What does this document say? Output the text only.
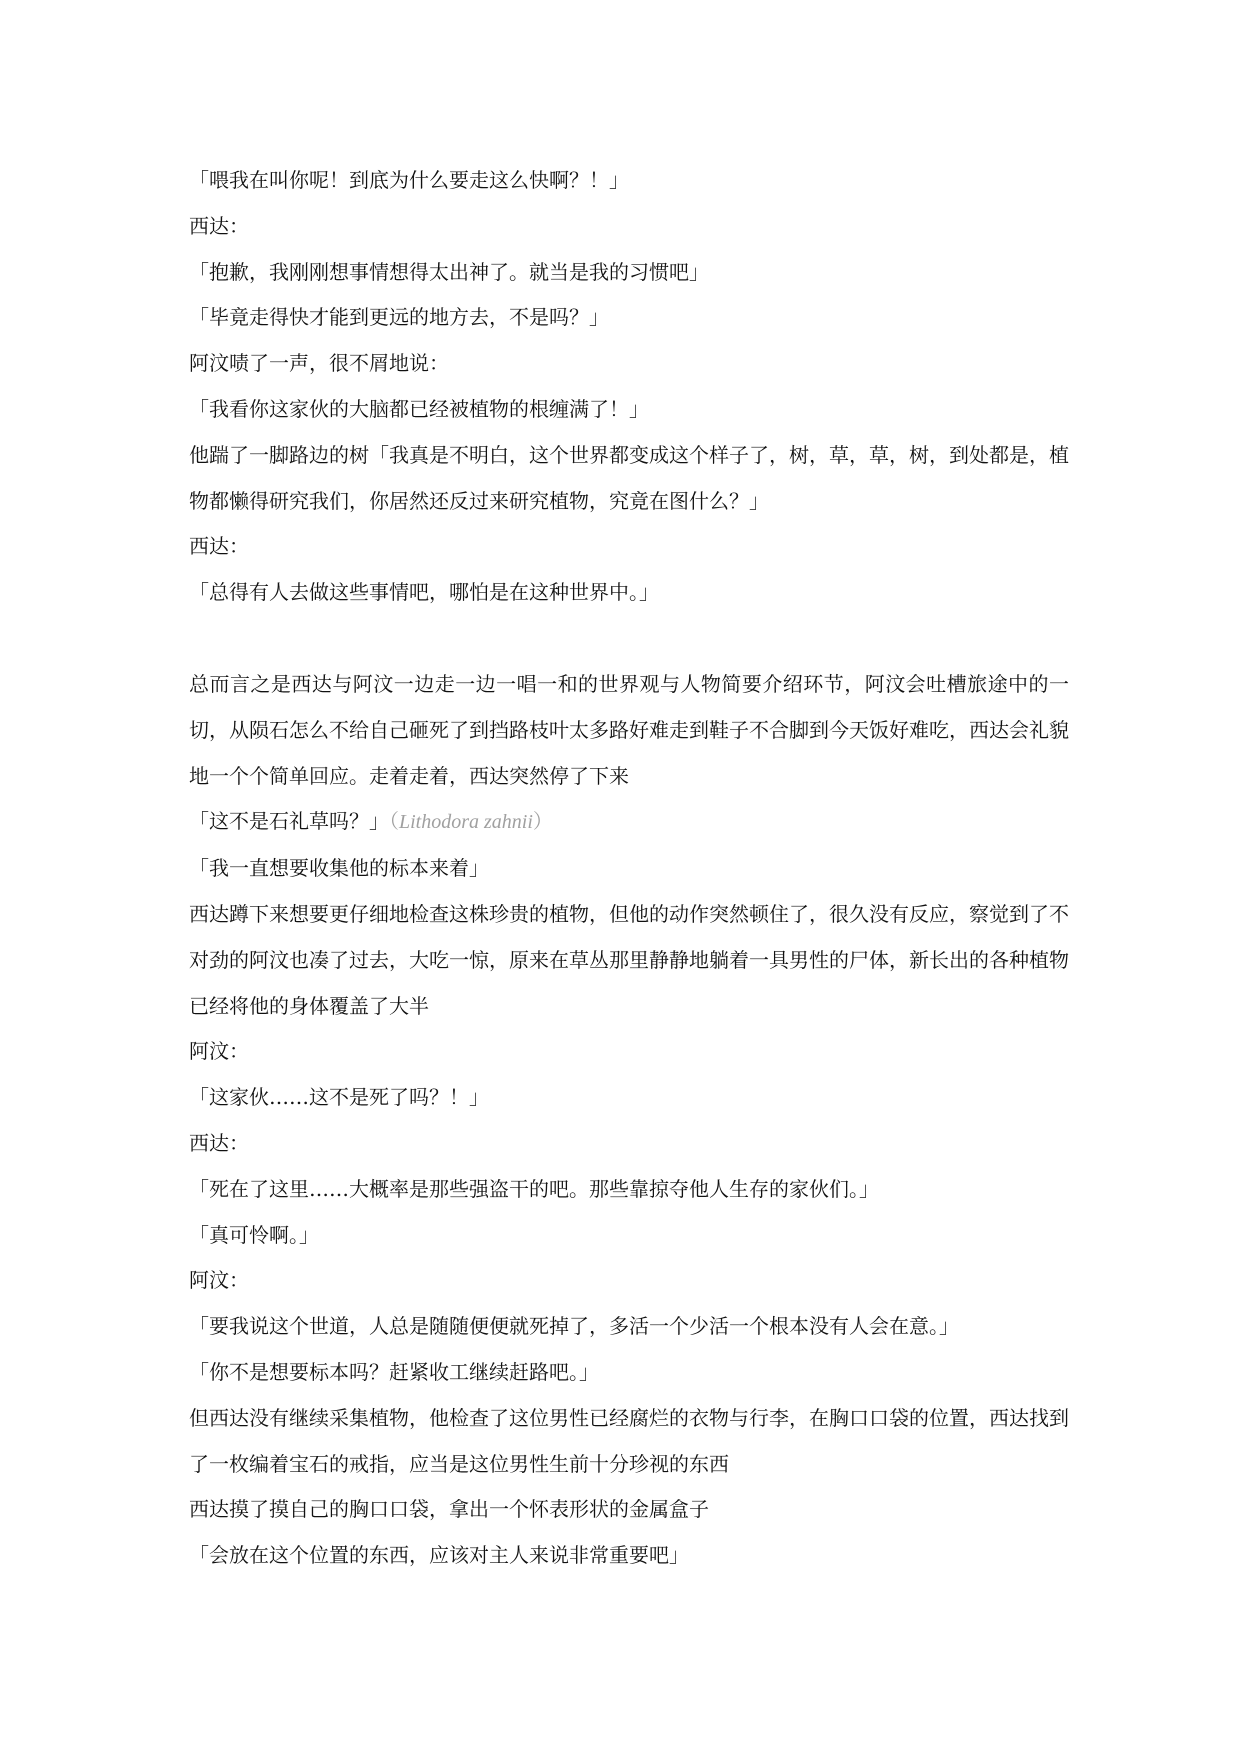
「喂我在叫你呢！到底为什么要走这么快啊？！」

西达：

「抱歉，我刚刚想事情想得太出神了。就当是我的习惯吧」

「毕竟走得快才能到更远的地方去，不是吗？」

阿汶啧了一声，很不屑地说：

「我看你这家伙的大脑都已经被植物的根缠满了！」

他踹了一脚路边的树「我真是不明白，这个世界都变成这个样子了，树，草，草，树，到处都是，植物都懒得研究我们，你居然还反过来研究植物，究竟在图什么？」

西达：

「总得有人去做这些事情吧，哪怕是在这种世界中。」

总而言之是西达与阿汶一边走一边一唱一和的世界观与人物简要介绍环节，阿汶会吐槽旅途中的一切，从陨石怎么不给自己砸死了到挡路枝叶太多路好难走到鞋子不合脚到今天饭好难吃，西达会礼貌地一个个简单回应。走着走着，西达突然停了下来

「这不是石礼草吗？」（Lithodora zahnii）

「我一直想要收集他的标本来着」

西达蹲下来想要更仔细地检查这株珍贵的植物，但他的动作突然顿住了，很久没有反应，察觉到了不对劲的阿汶也凑了过去，大吃一惊，原来在草丛那里静静地躺着一具男性的尸体，新长出的各种植物已经将他的身体覆盖了大半

阿汶：

「这家伙……这不是死了吗？！」

西达：

「死在了这里……大概率是那些强盗干的吧。那些靠掠夺他人生存的家伙们。」

「真可怜啊。」

阿汶：

「要我说这个世道，人总是随随便便就死掉了，多活一个少活一个根本没有人会在意。」

「你不是想要标本吗？赶紧收工继续赶路吧。」

但西达没有继续采集植物，他检查了这位男性已经腐烂的衣物与行李，在胸口口袋的位置，西达找到了一枚编着宝石的戒指，应当是这位男性生前十分珍视的东西

西达摸了摸自己的胸口口袋，拿出一个怀表形状的金属盒子

「会放在这个位置的东西，应该对主人来说非常重要吧」
